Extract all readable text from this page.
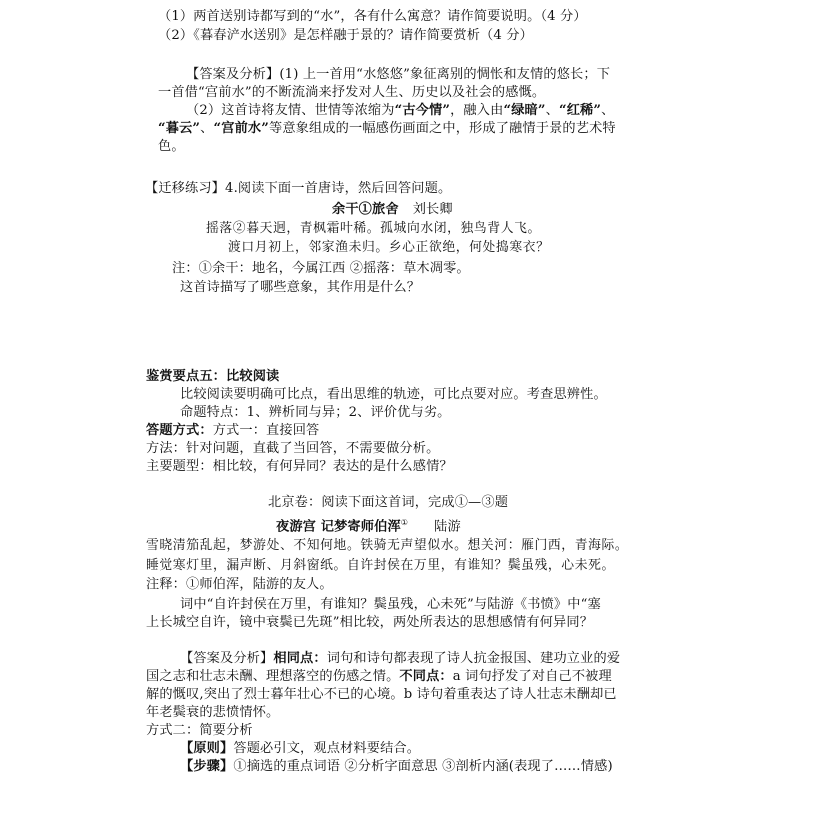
（1）两首送别诗都写到的“水”，各有什么寓意？请作简要说明。（4 分）
（2）《暮春浐水送别》是怎样融于景的？请作简要赏析（4 分）
【答案及分析】(1) 上一首用“水悠悠”象征离别的惆怅和友情的悠长；下
一首借“宫前水”的不断流淌来抒发对人生、历史以及社会的感慨。
（2）这首诗将友情、世情等浓缩为“古今情”，融入由“绿暗”、“红稀”、
“暮云”、“宫前水”等意象组成的一幅感伤画面之中，形成了融情于景的艺术特
色。
【迁移练习】4.阅读下面一首唐诗，然后回答问题。
余干①旅舍 刘长卿
摇落②暮天迥，青枫霜叶稀。孤城向水闭，独鸟背人飞。
渡口月初上，邻家渔未归。乡心正欲绝，何处捣寒衣？
注：①余干：地名，今属江西 ②摇落：草木凋零。
这首诗描写了哪些意象，其作用是什么？
鉴赏要点五：比较阅读
比较阅读要明确可比点，看出思维的轨迹，可比点要对应。考查思辨性。
命题特点：1、辨析同与异；2、评价优与劣。
答题方式：方式一：直接回答
方法：针对问题，直截了当回答，不需要做分析。
主要题型：相比较，有何异同？表达的是什么感情？
北京卷：阅读下面这首词，完成①—③题
夜游宫 记梦寄师伯浑① 陆游
雪晓清笳乱起，梦游处、不知何地。铁骑无声望似水。想关河：雁门西，青海际。
睡觉寒灯里，漏声断、月斜窗纸。自许封侯在万里，有谁知？鬓虽残，心未死。
注释：①师伯浑，陆游的友人。
词中“自许封侯在万里，有谁知？鬓虽残，心未死”与陆游《书愤》中“塞
上长城空自许，镜中衰鬓已先斑”相比较，两处所表达的思想感情有何异同？
【答案及分析】相同点：词句和诗句都表现了诗人抗金报国、建功立业的爱
国之志和壮志未酬、理想落空的伤感之情。不同点：a 词句抒发了对自己不被理
解的慨叹,突出了烈士暮年壮心不已的心境。b 诗句着重表达了诗人壮志未酬却已
年老鬓衰的悲愤情怀。
方式二：简要分析
【原则】答题必引文，观点材料要结合。
【步骤】①摘选的重点词语 ②分析字面意思 ③剖析内涵(表现了……情感)
